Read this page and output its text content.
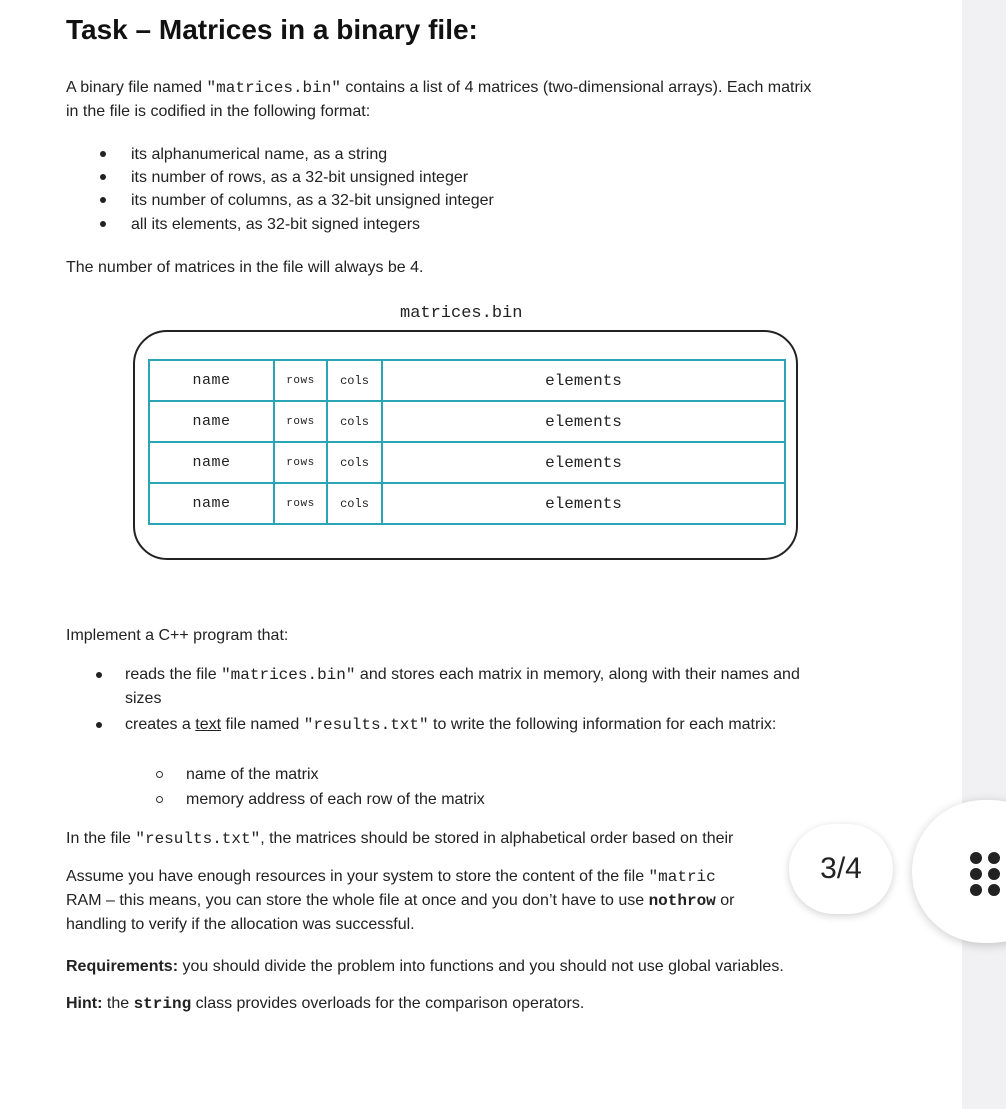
Task – Matrices in a binary file:

A binary file named "matrices.bin" contains a list of 4 matrices (two-dimensional arrays). Each matrix
in the file is codified in the following format:

its alphanumerical name, as a string
its number of rows, as a 32-bit unsigned integer
its number of columns, as a 32-bit unsigned integer
all its elements, as 32-bit signed integers

The number of matrices in the file will always be 4.

matrices.bin
name	rows	cols	elements
name	rows	cols	elements
name	rows	cols	elements
name	rows	cols	elements

Implement a C++ program that:

reads the file "matrices.bin" and stores each matrix in memory, along with their names and
sizes
creates a text file named "results.txt" to write the following information for each matrix:
name of the matrix
memory address of each row of the matrix

In the file "results.txt", the matrices should be stored in alphabetical order based on their

Assume you have enough resources in your system to store the content of the file "matric
RAM – this means, you can store the whole file at once and you don’t have to use nothrow or
handling to verify if the allocation was successful.

Requirements: you should divide the problem into functions and you should not use global variables.

Hint: the string class provides overloads for the comparison operators.

3/4
